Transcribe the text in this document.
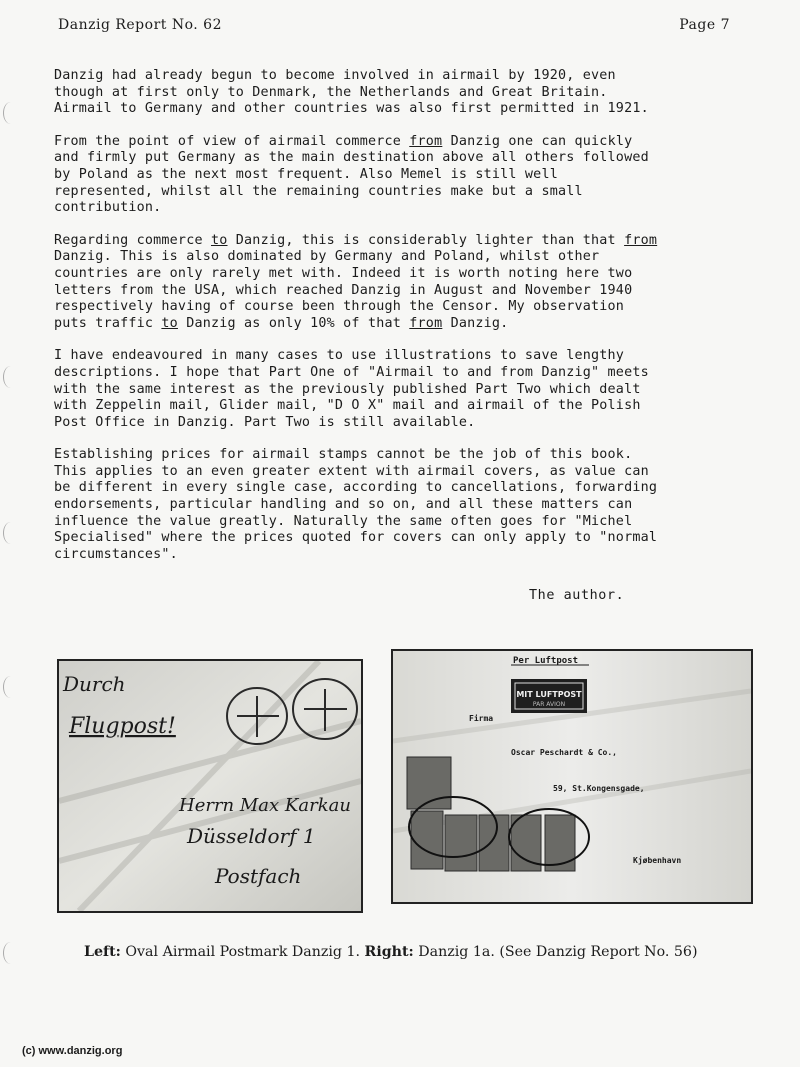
Danzig Report No. 62	Page 7

Danzig had already begun to become involved in airmail by 1920, even
though at first only to Denmark, the Netherlands and Great Britain.
Airmail to Germany and other countries was also first permitted in 1921.

From the point of view of airmail commerce from Danzig one can quickly
and firmly put Germany as the main destination above all others followed
by Poland as the next most frequent. Also Memel is still well
represented, whilst all the remaining countries make but a small
contribution.

Regarding commerce to Danzig, this is considerably lighter than that from
Danzig. This is also dominated by Germany and Poland, whilst other
countries are only rarely met with. Indeed it is worth noting here two
letters from the USA, which reached Danzig in August and November 1940
respectively having of course been through the Censor. My observation
puts traffic to Danzig as only 10% of that from Danzig.

I have endeavoured in many cases to use illustrations to save lengthy
descriptions. I hope that Part One of "Airmail to and from Danzig" meets
with the same interest as the previously published Part Two which dealt
with Zeppelin mail, Glider mail, "D O X" mail and airmail of the Polish
Post Office in Danzig. Part Two is still available.

Establishing prices for airmail stamps cannot be the job of this book.
This applies to an even greater extent with airmail covers, as value can
be different in every single case, according to cancellations, forwarding
endorsements, particular handling and so on, and all these matters can
influence the value greatly. Naturally the same often goes for "Michel
Specialised" where the prices quoted for covers can only apply to "normal
circumstances".

The author.
Durch
Flugpost!
Herrn Max Karkau
Düsseldorf 1
Postfach
Per Luftpost
MIT LUFTPOST
PAR AVION
Firma
Oscar Peschardt & Co.,
59, St.Kongensgade,
Kjøbenhavn
Left: Oval Airmail Postmark Danzig 1. Right: Danzig 1a. (See Danzig Report No. 56)
(c) www.danzig.org
